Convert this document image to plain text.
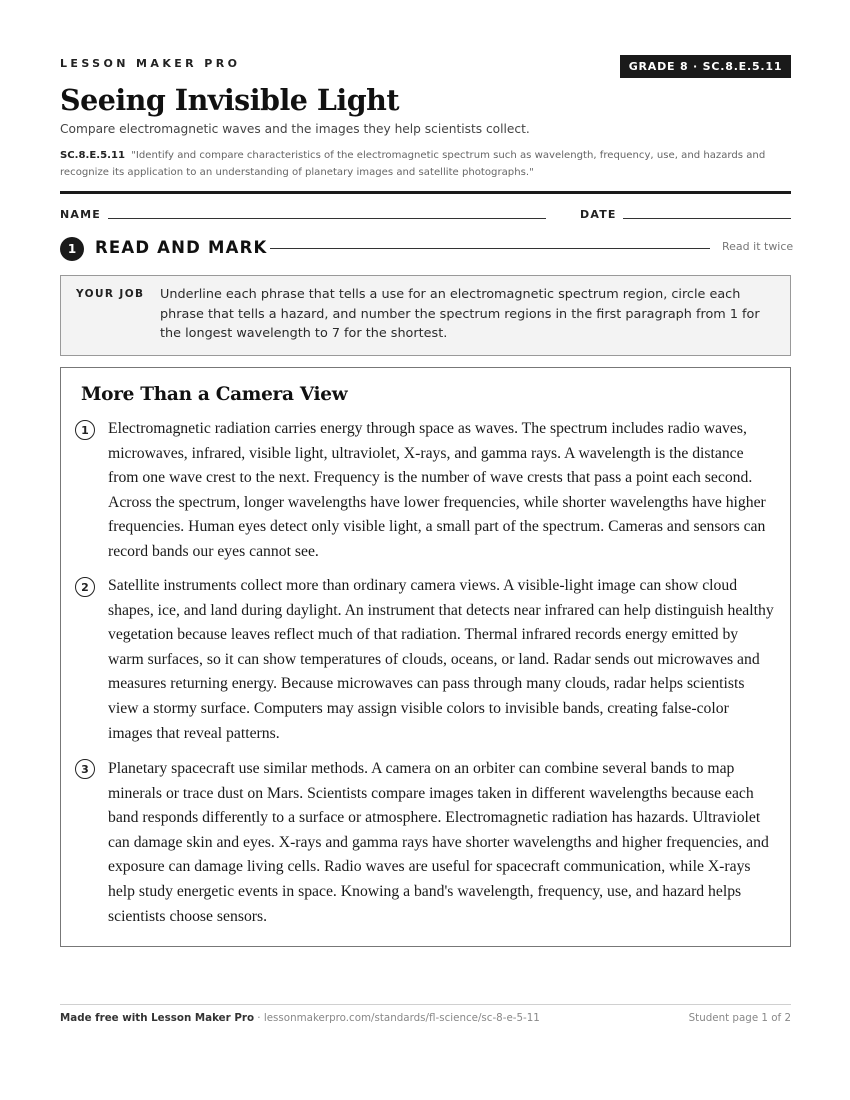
LESSON MAKER PRO	GRADE 8 · SC.8.E.5.11
Seeing Invisible Light
Compare electromagnetic waves and the images they help scientists collect.
SC.8.E.5.11 "Identify and compare characteristics of the electromagnetic spectrum such as wavelength, frequency, use, and hazards and recognize its application to an understanding of planetary images and satellite photographs."
NAME	DATE
1	READ AND MARK	Read it twice
YOUR JOB Underline each phrase that tells a use for an electromagnetic spectrum region, circle each phrase that tells a hazard, and number the spectrum regions in the first paragraph from 1 for the longest wavelength to 7 for the shortest.
More Than a Camera View
1	Electromagnetic radiation carries energy through space as waves. The spectrum includes radio waves, microwaves, infrared, visible light, ultraviolet, X-rays, and gamma rays. A wavelength is the distance from one wave crest to the next. Frequency is the number of wave crests that pass a point each second. Across the spectrum, longer wavelengths have lower frequencies, while shorter wavelengths have higher frequencies. Human eyes detect only visible light, a small part of the spectrum. Cameras and sensors can record bands our eyes cannot see.
2	Satellite instruments collect more than ordinary camera views. A visible-light image can show cloud shapes, ice, and land during daylight. An instrument that detects near infrared can help distinguish healthy vegetation because leaves reflect much of that radiation. Thermal infrared records energy emitted by warm surfaces, so it can show temperatures of clouds, oceans, or land. Radar sends out microwaves and measures returning energy. Because microwaves can pass through many clouds, radar helps scientists view a stormy surface. Computers may assign visible colors to invisible bands, creating false-color images that reveal patterns.
3	Planetary spacecraft use similar methods. A camera on an orbiter can combine several bands to map minerals or trace dust on Mars. Scientists compare images taken in different wavelengths because each band responds differently to a surface or atmosphere. Electromagnetic radiation has hazards. Ultraviolet can damage skin and eyes. X-rays and gamma rays have shorter wavelengths and higher frequencies, and exposure can damage living cells. Radio waves are useful for spacecraft communication, while X-rays help study energetic events in space. Knowing a band's wavelength, frequency, use, and hazard helps scientists choose sensors.
Made free with Lesson Maker Pro · lessonmakerpro.com/standards/fl-science/sc-8-e-5-11	Student page 1 of 2
